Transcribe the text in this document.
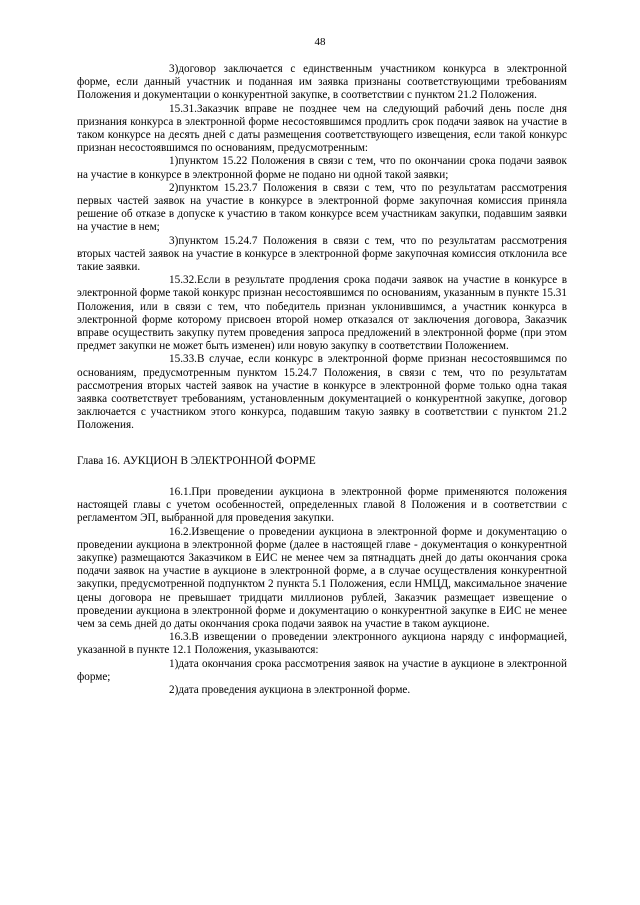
48

3)договор заключается с единственным участником конкурса в электронной форме, если данный участник и поданная им заявка признаны соответствующими требованиям Положения и документации о конкурентной закупке, в соответствии с пунктом 21.2 Положения.

15.31.Заказчик вправе не позднее чем на следующий рабочий день после дня признания конкурса в электронной форме несостоявшимся продлить срок подачи заявок на участие в таком конкурсе на десять дней с даты размещения соответствующего извещения, если такой конкурс признан несостоявшимся по основаниям, предусмотренным:

1)пунктом 15.22 Положения в связи с тем, что по окончании срока подачи заявок на участие в конкурсе в электронной форме не подано ни одной такой заявки;

2)пунктом 15.23.7 Положения в связи с тем, что по результатам рассмотрения первых частей заявок на участие в конкурсе в электронной форме закупочная комиссия приняла решение об отказе в допуске к участию в таком конкурсе всем участникам закупки, подавшим заявки на участие в нем;

3)пунктом 15.24.7 Положения в связи с тем, что по результатам рассмотрения вторых частей заявок на участие в конкурсе в электронной форме закупочная комиссия отклонила все такие заявки.

15.32.Если в результате продления срока подачи заявок на участие в конкурсе в электронной форме такой конкурс признан несостоявшимся по основаниям, указанным в пункте 15.31 Положения, или в связи с тем, что победитель признан уклонившимся, а участник конкурса в электронной форме которому присвоен второй номер отказался от заключения договора, Заказчик вправе осуществить закупку путем проведения запроса предложений в электронной форме (при этом предмет закупки не может быть изменен) или новую закупку в соответствии Положением.

15.33.В случае, если конкурс в электронной форме признан несостоявшимся по основаниям, предусмотренным пунктом 15.24.7 Положения, в связи с тем, что по результатам рассмотрения вторых частей заявок на участие в конкурсе в электронной форме только одна такая заявка соответствует требованиям, установленным документацией о конкурентной закупке, договор заключается с участником этого конкурса, подавшим такую заявку в соответствии с пунктом 21.2 Положения.

Глава 16. АУКЦИОН В ЭЛЕКТРОННОЙ ФОРМЕ

16.1.При проведении аукциона в электронной форме применяются положения настоящей главы с учетом особенностей, определенных главой 8 Положения и в соответствии с регламентом ЭП, выбранной для проведения закупки.

16.2.Извещение о проведении аукциона в электронной форме и документацию о проведении аукциона в электронной форме (далее в настоящей главе - документация о конкурентной закупке) размещаются Заказчиком в ЕИС не менее чем за пятнадцать дней до даты окончания срока подачи заявок на участие в аукционе в электронной форме, а в случае осуществления конкурентной закупки, предусмотренной подпунктом 2 пункта 5.1 Положения, если НМЦД, максимальное значение цены договора не превышает тридцати миллионов рублей, Заказчик размещает извещение о проведении аукциона в электронной форме и документацию о конкурентной закупке в ЕИС не менее чем за семь дней до даты окончания срока подачи заявок на участие в таком аукционе.

16.3.В извещении о проведении электронного аукциона наряду с информацией, указанной в пункте 12.1 Положения, указываются:

1)дата окончания срока рассмотрения заявок на участие в аукционе в электронной форме;

2)дата проведения аукциона в электронной форме.
